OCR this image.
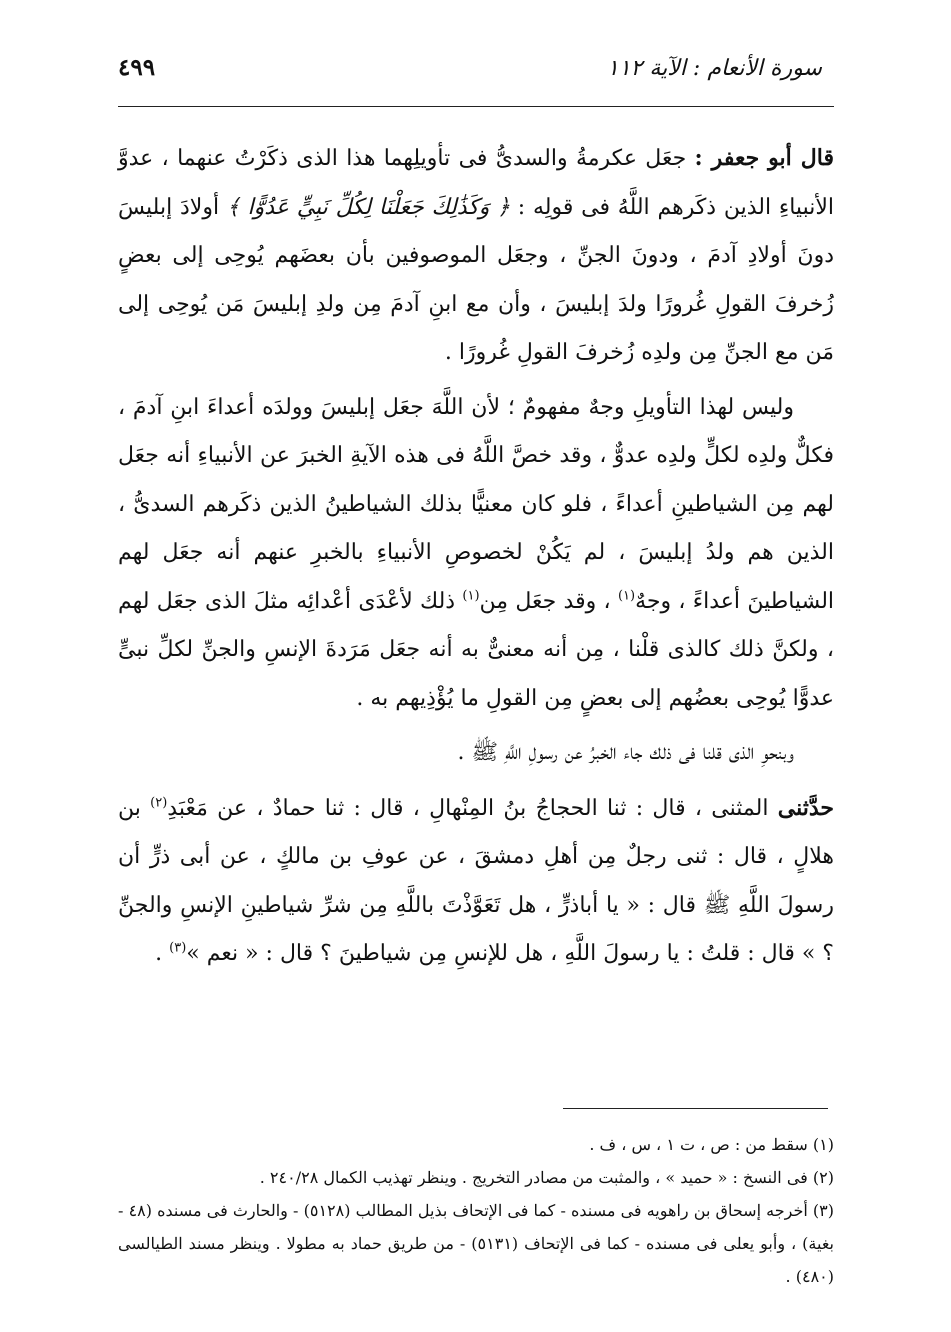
سورة الأنعام : الآية ١١٢
٤٩٩

قال أبو جعفر : جعَل عكرمةُ والسدىُّ فى تأويلِهما هذا الذى ذكَرْتُ عنهما ، عدوَّ الأنبياءِ الذين ذكَرهم اللَّهُ فى قولِه : ﴿ وَكَذَٰلِكَ جَعَلْنَا لِكُلِّ نَبِيٍّ عَدُوًّا ﴾ أولادَ إبليسَ دونَ أولادِ آدمَ ، ودونَ الجنِّ ، وجعَل الموصوفين بأن بعضَهم يُوحِى إلى بعضٍ زُخرفَ القولِ غُرورًا ولدَ إبليسَ ، وأن مع ابنِ آدمَ مِن ولدِ إبليسَ مَن يُوحِى إلى مَن مع الجنِّ مِن ولدِه زُخرفَ القولِ غُرورًا .

وليس لهذا التأويلِ وجهٌ مفهومٌ ؛ لأن اللَّهَ جعَل إبليسَ وولدَه أعداءَ ابنِ آدمَ ، فكلٌّ ولدِه لكلٍّ ولدِه عدوٌّ ، وقد خصَّ اللَّهُ فى هذه الآيةِ الخبرَ عن الأنبياءِ أنه جعَل لهم مِن الشياطينِ أعداءً ، فلو كان معنيًّا بذلك الشياطينُ الذين ذكَرهم السدىُّ ، الذين هم ولدُ إبليسَ ، لم يَكُنْ لخصوصِ الأنبياءِ بالخبرِ عنهم أنه جعَل لهم الشياطينَ أعداءً ، وجهٌ$^{(١)}$ ، وقد جعَل مِن$^{(١)}$ ذلك لأعْدَى أعْدائِه مثلَ الذى جعَل لهم ، ولكنَّ ذلك كالذى قلْنا ، مِن أنه معنىٌّ به أنه جعَل مَرَدةَ الإنسِ والجنِّ لكلِّ نبىٍّ عدوًّا يُوحِى بعضُهم إلى بعضٍ مِن القولِ ما يُؤْذِيهم به .

وبنحوِ الذى قلنا فى ذلك جاء الخبرُ عن رسولِ اللَّهِ ﷺ .

حدَّثنى المثنى ، قال : ثنا الحجاجُ بنُ المِنْهالِ ، قال : ثنا حمادٌ ، عن مَعْبَدِ$^{(٢)}$ بن هلالٍ ، قال : ثنى رجلٌ مِن أهلِ دمشقَ ، عن عوفِ بن مالكٍ ، عن أبى ذرٍّ أن رسولَ اللَّهِ ﷺ قال : « يا أباذرٍّ ، هل تَعَوَّذْتَ باللَّهِ مِن شرِّ شياطينِ الإنسِ والجنِّ ؟ » قال : قلتُ : يا رسولَ اللَّهِ ، هل للإنسِ مِن شياطينَ ؟ قال : « نعم »$^{(٣)}$ .

(١) سقط من : ص ، ت ١ ، س ، ف .

(٢) فى النسخ : « حميد » ، والمثبت من مصادر التخريج . وينظر تهذيب الكمال ٢٤٠/٢٨ .

(٣) أخرجه إسحاق بن راهويه فى مسنده - كما فى الإتحاف بذيل المطالب (٥١٢٨) - والحارث فى مسنده (٤٨ - بغية) ، وأبو يعلى فى مسنده - كما فى الإتحاف (٥١٣١) - من طريق حماد به مطولا . وينظر مسند الطيالسى (٤٨٠) .
